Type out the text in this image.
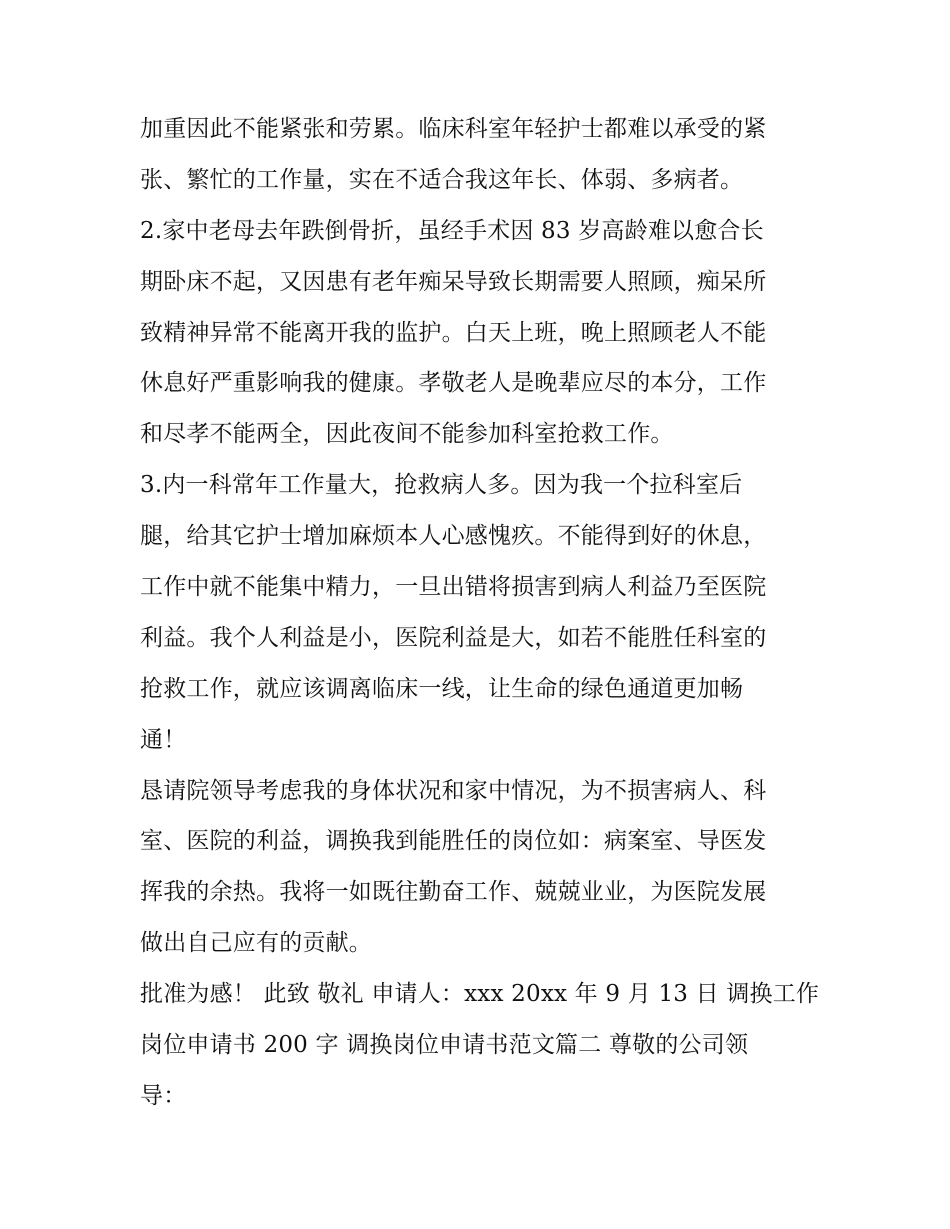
加重因此不能紧张和劳累。临床科室年轻护士都难以承受的紧
张、繁忙的工作量，实在不适合我这年长、体弱、多病者。
2.家中老母去年跌倒骨折，虽经手术因 83 岁高龄难以愈合长
期卧床不起，又因患有老年痴呆导致长期需要人照顾，痴呆所
致精神异常不能离开我的监护。白天上班，晚上照顾老人不能
休息好严重影响我的健康。孝敬老人是晚辈应尽的本分，工作
和尽孝不能两全，因此夜间不能参加科室抢救工作。
3.内一科常年工作量大，抢救病人多。因为我一个拉科室后
腿，给其它护士增加麻烦本人心感愧疚。不能得到好的休息，
工作中就不能集中精力，一旦出错将损害到病人利益乃至医院
利益。我个人利益是小，医院利益是大，如若不能胜任科室的
抢救工作，就应该调离临床一线，让生命的绿色通道更加畅
通！
恳请院领导考虑我的身体状况和家中情况，为不损害病人、科
室、医院的利益，调换我到能胜任的岗位如：病案室、导医发
挥我的余热。我将一如既往勤奋工作、兢兢业业，为医院发展
做出自己应有的贡献。
批准为感！ 此致 敬礼 申请人：xxx 20xx 年 9 月 13 日 调换工作
岗位申请书 200 字 调换岗位申请书范文篇二 尊敬的公司领
导：
